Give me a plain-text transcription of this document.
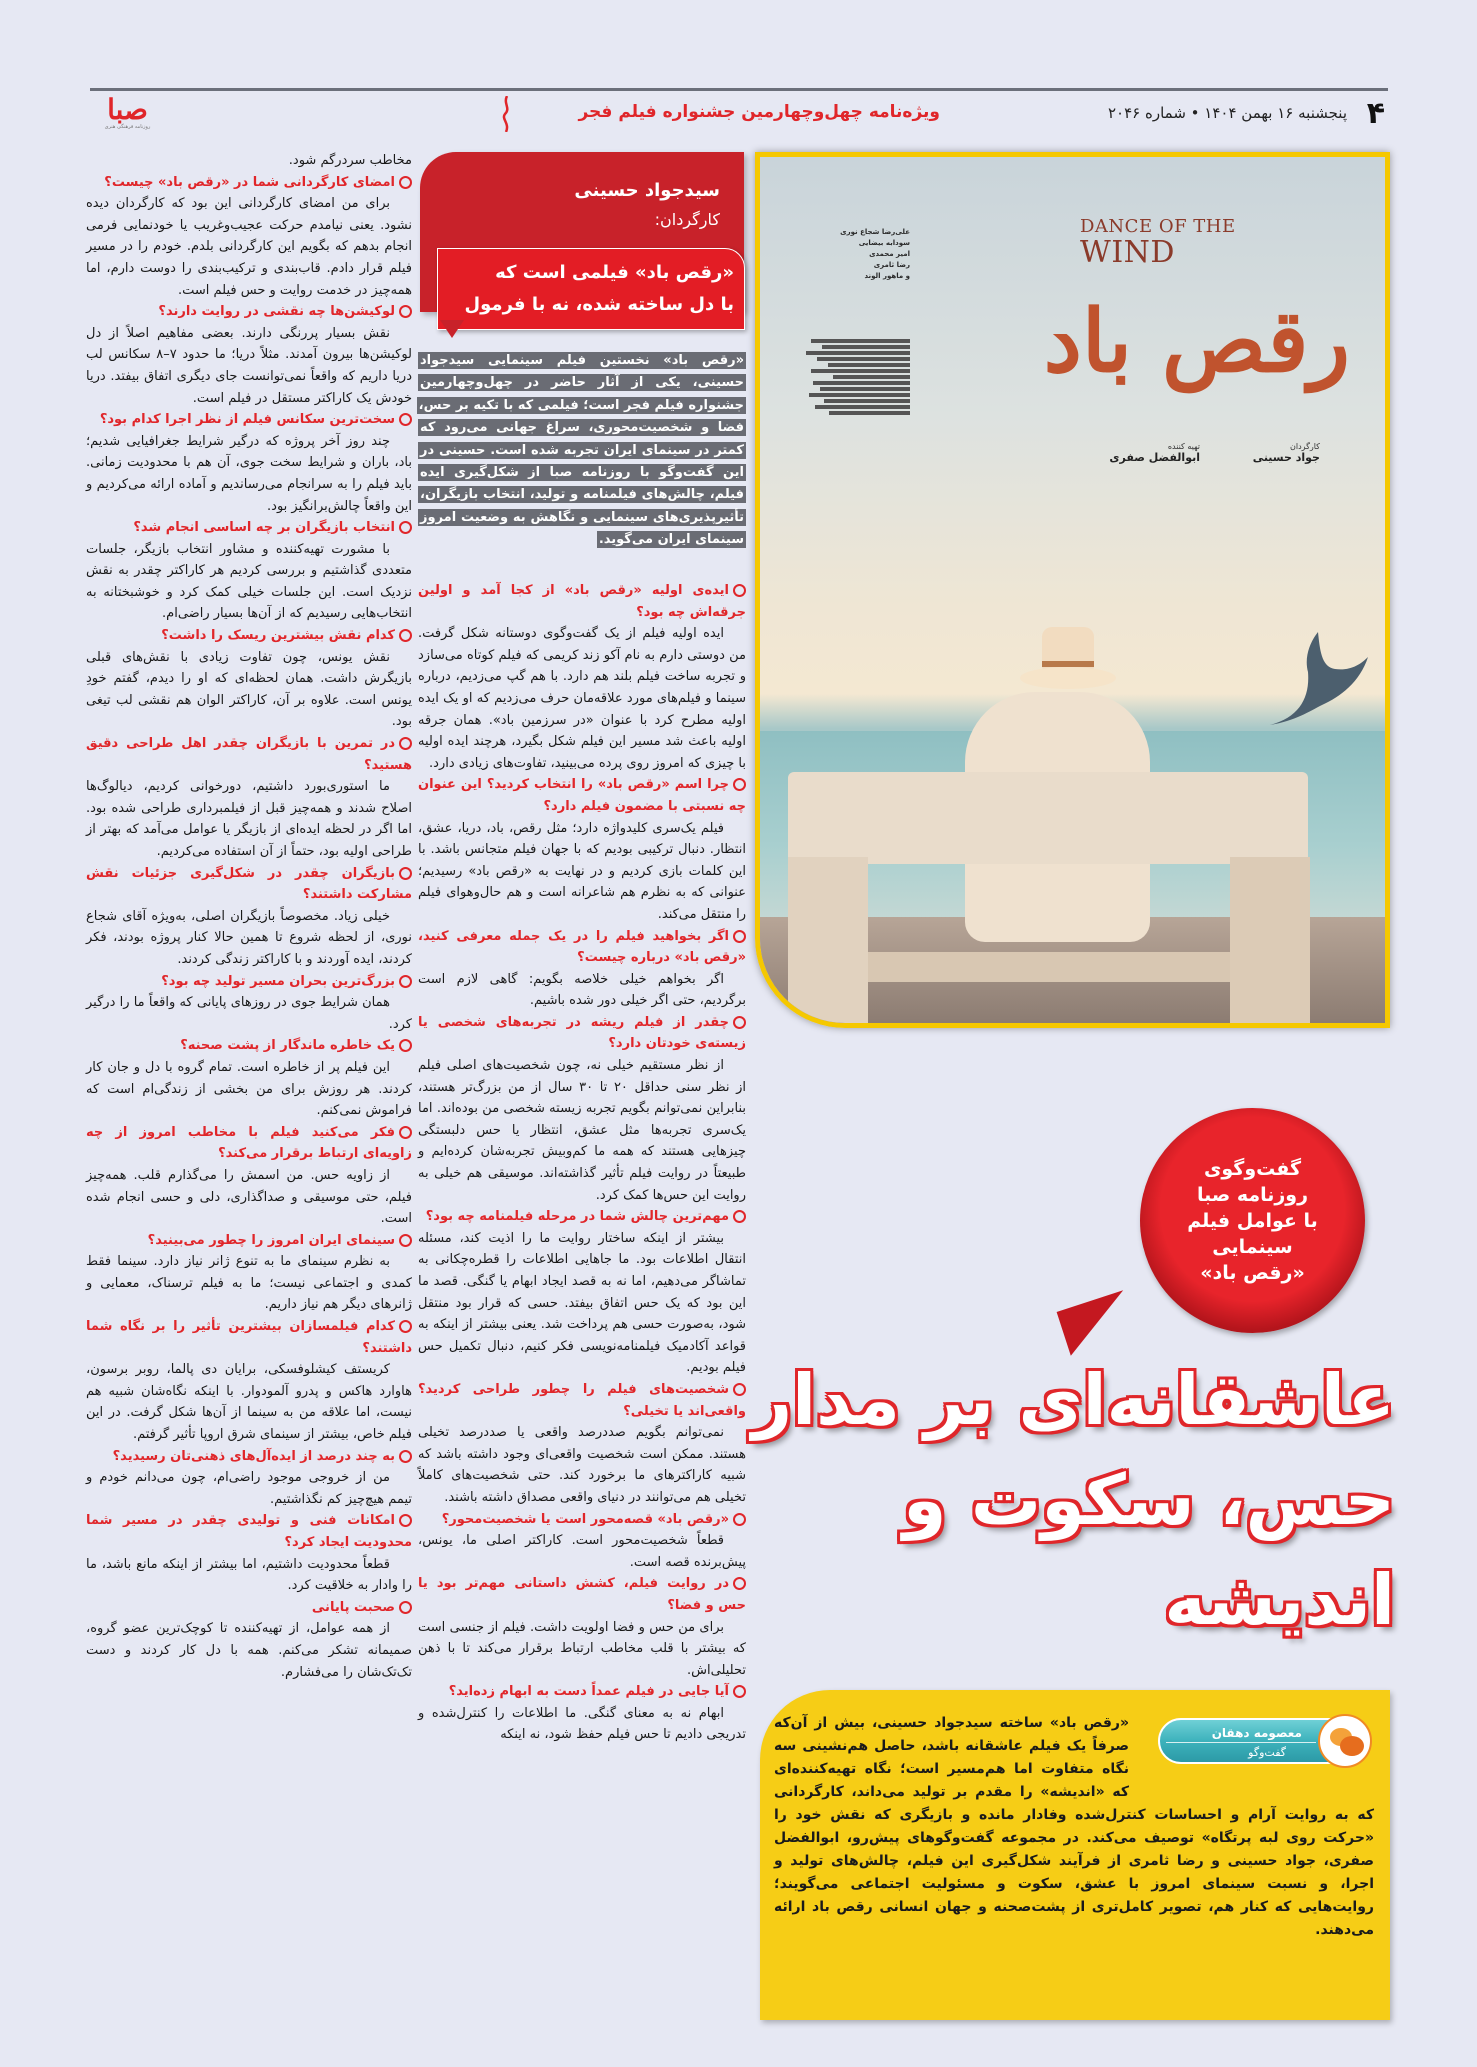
۴
پنجشنبه ۱۶ بهمن ۱۴۰۴ • شماره ۲۰۴۶
ویژه‌نامه چهل‌وچهارمین جشنواره فیلم فجر
صبا
روزنامه فرهنگی هنری
مخاطب سردرگم شود.
امضای کارگردانی شما در «رقص باد» چیست؟
برای من امضای کارگردانی این بود که کارگردان دیده نشود. یعنی نیامدم حرکت عجیب‌وغریب یا خودنمایی فرمی انجام بدهم که بگویم این کارگردانی بلدم. خودم را در مسیر فیلم قرار دادم. قاب‌بندی و ترکیب‌بندی را دوست دارم، اما همه‌چیز در خدمت روایت و حس فیلم است.
لوکیشن‌ها چه نقشی در روایت دارند؟
نقش بسیار پررنگی دارند. بعضی مفاهیم اصلاً از دل لوکیشن‌ها بیرون آمدند. مثلاً دریا؛ ما حدود ۷–۸ سکانس لب دریا داریم که واقعاً نمی‌توانست جای دیگری اتفاق بیفتد. دریا خودش یک کاراکتر مستقل در فیلم است.
سخت‌ترین سکانس فیلم از نظر اجرا کدام بود؟
چند روز آخر پروژه که درگیر شرایط جغرافیایی شدیم؛ باد، باران و شرایط سخت جوی، آن هم با محدودیت زمانی. باید فیلم را به سرانجام می‌رساندیم و آماده ارائه می‌کردیم و این واقعاً چالش‌برانگیز بود.
انتخاب بازیگران بر چه اساسی انجام شد؟
با مشورت تهیه‌کننده و مشاور انتخاب بازیگر، جلسات متعددی گذاشتیم و بررسی کردیم هر کاراکتر چقدر به نقش نزدیک است. این جلسات خیلی کمک کرد و خوشبختانه به انتخاب‌هایی رسیدیم که از آن‌ها بسیار راضی‌ام.
کدام نقش بیشترین ریسک را داشت؟
نقش یونس، چون تفاوت زیادی با نقش‌های قبلی بازیگرش داشت. همان لحظه‌ای که او را دیدم، گفتم خودِ یونس است. علاوه بر آن، کاراکتر الوان هم نقشی لب تیغی بود.
در تمرین با بازیگران چقدر اهل طراحی دقیق هستید؟
ما استوری‌بورد داشتیم، دورخوانی کردیم، دیالوگ‌ها اصلاح شدند و همه‌چیز قبل از فیلمبرداری طراحی شده بود. اما اگر در لحظه ایده‌ای از بازیگر یا عوامل می‌آمد که بهتر از طراحی اولیه بود، حتماً از آن استفاده می‌کردیم.
بازیگران چقدر در شکل‌گیری جزئیات نقش مشارکت داشتند؟
خیلی زیاد. مخصوصاً بازیگران اصلی، به‌ویژه آقای شجاع نوری، از لحظه شروع تا همین حالا کنار پروژه بودند، فکر کردند، ایده آوردند و با کاراکتر زندگی کردند.
بزرگ‌ترین بحران مسیر تولید چه بود؟
همان شرایط جوی در روزهای پایانی که واقعاً ما را درگیر کرد.
یک خاطره ماندگار از پشت صحنه؟
این فیلم پر از خاطره است. تمام گروه با دل و جان کار کردند. هر روزش برای من بخشی از زندگی‌ام است که فراموش نمی‌کنم.
فکر می‌کنید فیلم با مخاطب امروز از چه زاویه‌ای ارتباط برقرار می‌کند؟
از زاویه حس. من اسمش را می‌گذارم قلب. همه‌چیز فیلم، حتی موسیقی و صداگذاری، دلی و حسی انجام شده است.
سینمای ایران امروز را چطور می‌بینید؟
به نظرم سینمای ما به تنوع ژانر نیاز دارد. سینما فقط کمدی و اجتماعی نیست؛ ما به فیلم ترسناک، معمایی و ژانرهای دیگر هم نیاز داریم.
کدام فیلمسازان بیشترین تأثیر را بر نگاه شما داشتند؟
کریستف کیشلوفسکی، برایان دی پالما، روبر برسون، هاوارد هاکس و پدرو آلمودوار. با اینکه نگاه‌شان شبیه هم نیست، اما علاقه من به سینما از آن‌ها شکل گرفت. در این فیلم خاص، بیشتر از سینمای شرق اروپا تأثیر گرفتم.
به چند درصد از ایده‌آل‌های ذهنی‌تان رسیدید؟
من از خروجی موجود راضی‌ام، چون می‌دانم خودم و تیمم هیچ‌چیز کم نگذاشتیم.
امکانات فنی و تولیدی چقدر در مسیر شما محدودیت ایجاد کرد؟
قطعاً محدودیت داشتیم، اما بیشتر از اینکه مانع باشد، ما را وادار به خلاقیت کرد.
صحبت پایانی
از همه عوامل، از تهیه‌کننده تا کوچک‌ترین عضو گروه، صمیمانه تشکر می‌کنم. همه با دل کار کردند و دست تک‌تک‌شان را می‌فشارم.
سیدجواد حسینی
کارگردان:
«رقص باد» فیلمی است که
با دل ساخته شده، نه با فرمول
«رقص باد» نخستین فیلم سینمایی سیدجواد حسینی، یکی از آثار حاضر در چهل‌وچهارمین جشنواره فیلم فجر است؛ فیلمی که با تکیه بر حس، فضا و شخصیت‌محوری، سراغ جهانی می‌رود که کمتر در سینمای ایران تجربه شده است. حسینی در این گفت‌وگو با روزنامه صبا از شکل‌گیری ایده فیلم، چالش‌های فیلمنامه و تولید، انتخاب بازیگران، تأثیرپذیری‌های سینمایی و نگاهش به وضعیت امروز سینمای ایران می‌گوید.
ایده‌ی اولیه «رقص باد» از کجا آمد و اولین جرقه‌اش چه بود؟
ایده اولیه فیلم از یک گفت‌وگوی دوستانه شکل گرفت. من دوستی دارم به نام آکو زند کریمی که فیلم کوتاه می‌سازد و تجربه ساخت فیلم بلند هم دارد. با هم گپ می‌زدیم، درباره سینما و فیلم‌های مورد علاقه‌مان حرف می‌زدیم که او یک ایده اولیه مطرح کرد با عنوان «در سرزمین باد». همان جرقه اولیه باعث شد مسیر این فیلم شکل بگیرد، هرچند ایده اولیه با چیزی که امروز روی پرده می‌بینید، تفاوت‌های زیادی دارد.
چرا اسم «رقص باد» را انتخاب کردید؟ این عنوان چه نسبتی با مضمون فیلم دارد؟
فیلم یک‌سری کلیدواژه دارد؛ مثل رقص، باد، دریا، عشق، انتظار. دنبال ترکیبی بودیم که با جهان فیلم متجانس باشد. با این کلمات بازی کردیم و در نهایت به «رقص باد» رسیدیم؛ عنوانی که به نظرم هم شاعرانه است و هم حال‌وهوای فیلم را منتقل می‌کند.
اگر بخواهید فیلم را در یک جمله معرفی کنید، «رقص باد» درباره چیست؟
اگر بخواهم خیلی خلاصه بگویم: گاهی لازم است برگردیم، حتی اگر خیلی دور شده باشیم.
چقدر از فیلم ریشه در تجربه‌های شخصی یا زیسته‌ی خودتان دارد؟
از نظر مستقیم خیلی نه، چون شخصیت‌های اصلی فیلم از نظر سنی حداقل ۲۰ تا ۳۰ سال از من بزرگ‌تر هستند، بنابراین نمی‌توانم بگویم تجربه زیسته شخصی من بوده‌اند. اما یک‌سری تجربه‌ها مثل عشق، انتظار یا حس دلبستگی چیزهایی هستند که همه ما کم‌وبیش تجربه‌شان کرده‌ایم و طبیعتاً در روایت فیلم تأثیر گذاشته‌اند. موسیقی هم خیلی به روایت این حس‌ها کمک کرد.
مهم‌ترین چالش شما در مرحله فیلمنامه چه بود؟
بیشتر از اینکه ساختار روایت ما را اذیت کند، مسئله انتقال اطلاعات بود. ما جاهایی اطلاعات را قطره‌چکانی به تماشاگر می‌دهیم، اما نه به قصد ایجاد ابهام یا گنگی. قصد ما این بود که یک حس اتفاق بیفتد. حسی که قرار بود منتقل شود، به‌صورت حسی هم پرداخت شد. یعنی بیشتر از اینکه به قواعد آکادمیک فیلمنامه‌نویسی فکر کنیم، دنبال تکمیل حس فیلم بودیم.
شخصیت‌های فیلم را چطور طراحی کردید؟ واقعی‌اند یا تخیلی؟
نمی‌توانم بگویم صددرصد واقعی یا صددرصد تخیلی هستند. ممکن است شخصیت واقعی‌ای وجود داشته باشد که شبیه کاراکترهای ما برخورد کند. حتی شخصیت‌های کاملاً تخیلی هم می‌توانند در دنیای واقعی مصداق داشته باشند.
«رقص باد» قصه‌محور است یا شخصیت‌محور؟
قطعاً شخصیت‌محور است. کاراکتر اصلی ما، یونس، پیش‌برنده قصه است.
در روایت فیلم، کشش داستانی مهم‌تر بود یا حس و فضا؟
برای من حس و فضا اولویت داشت. فیلم از جنسی است که بیشتر با قلب مخاطب ارتباط برقرار می‌کند تا با ذهن تحلیلی‌اش.
آیا جایی در فیلم عمداً دست به ابهام زده‌اید؟
ابهام نه به معنای گنگی. ما اطلاعات را کنترل‌شده و تدریجی دادیم تا حس فیلم حفظ شود، نه اینکه
DANCE OF THE
WIND
رقص باد
علی‌رضا شجاع نوری
سودابه بیضایی
امیر محمدی
رضا ثامری
و ماهور الوند
کارگردان
جواد حسینی
تهیه کننده
ابوالفضل صفری
گفت‌وگوی
روزنامه صبا
با عوامل فیلم
سینمایی
«رقص باد»
عاشقانه‌ای بر مدار
حس، سکوت و
اندیشه
«رقص باد» ساخته سیدجواد حسینی، بیش از آن‌که صرفاً یک فیلم عاشقانه باشد، حاصل هم‌نشینی سه نگاه متفاوت اما هم‌مسیر است؛ نگاه تهیه‌کننده‌ای که «اندیشه» را مقدم بر تولید می‌داند، کارگردانی که به روایت آرام و احساسات کنترل‌شده وفادار مانده و بازیگری که نقش خود را «حرکت روی لبه پرتگاه» توصیف می‌کند. در مجموعه گفت‌وگوهای پیش‌رو، ابوالفضل صفری، جواد حسینی و رضا ثامری از فرآیند شکل‌گیری این فیلم، چالش‌های تولید و اجرا، و نسبت سینمای امروز با عشق، سکوت و مسئولیت اجتماعی می‌گویند؛ روایت‌هایی که کنار هم، تصویر کامل‌تری از پشت‌صحنه و جهان انسانی رقص باد ارائه می‌دهند.
معصومه دهقان
گفت‌وگو
